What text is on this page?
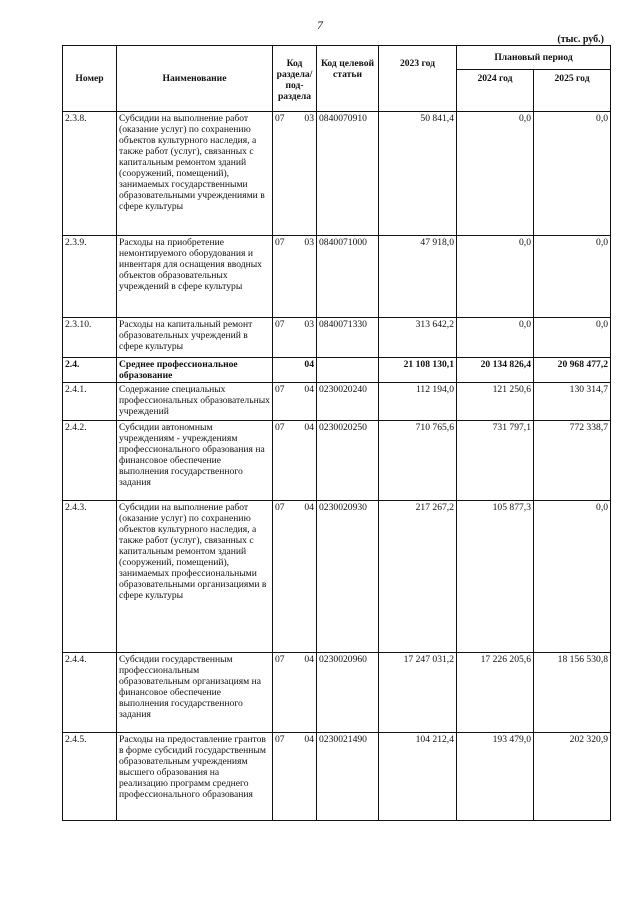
7
(тыс. руб.)
Номер	Наименование	Код раздела/ под- раздела	Код целевой статьи	2023 год	Плановый период	
					2024 год	2025 год
2.3.8.	Субсидии на выполнение работ (оказание услуг) по сохранению объектов культурного наследия, а также работ (услуг), связанных с капитальным ремонтом зданий (сооружений, помещений), занимаемых государственными образовательными учреждениями в сфере культуры	07 03	0840070910	50 841,4	0,0	0,0
2.3.9.	Расходы на приобретение немонтируемого оборудования и инвентаря для оснащения вводных объектов образовательных учреждений в сфере культуры	07 03	0840071000	47 918,0	0,0	0,0
2.3.10.	Расходы на капитальный ремонт образовательных учреждений в сфере культуры	07 03	0840071330	313 642,2	0,0	0,0
2.4.	Среднее профессиональное образование	04		21 108 130,1	20 134 826,4	20 968 477,2
2.4.1.	Содержание специальных профессиональных образовательных учреждений	07 04	0230020240	112 194,0	121 250,6	130 314,7
2.4.2.	Субсидии автономным учреждениям - учреждениям профессионального образования на финансовое обеспечение выполнения государственного задания	07 04	0230020250	710 765,6	731 797,1	772 338,7
2.4.3.	Субсидии на выполнение работ (оказание услуг) по сохранению объектов культурного наследия, а также работ (услуг), связанных с капитальным ремонтом зданий (сооружений, помещений), занимаемых профессиональными образовательными организациями в сфере культуры	07 04	0230020930	217 267,2	105 877,3	0,0
2.4.4.	Субсидии государственным профессиональным образовательным организациям на финансовое обеспечение выполнения государственного задания	07 04	0230020960	17 247 031,2	17 226 205,6	18 156 530,8
2.4.5.	Расходы на предоставление грантов в форме субсидий государственным образовательным учреждениям высшего образования на реализацию программ среднего профессионального образования	07 04	0230021490	104 212,4	193 479,0	202 320,9
